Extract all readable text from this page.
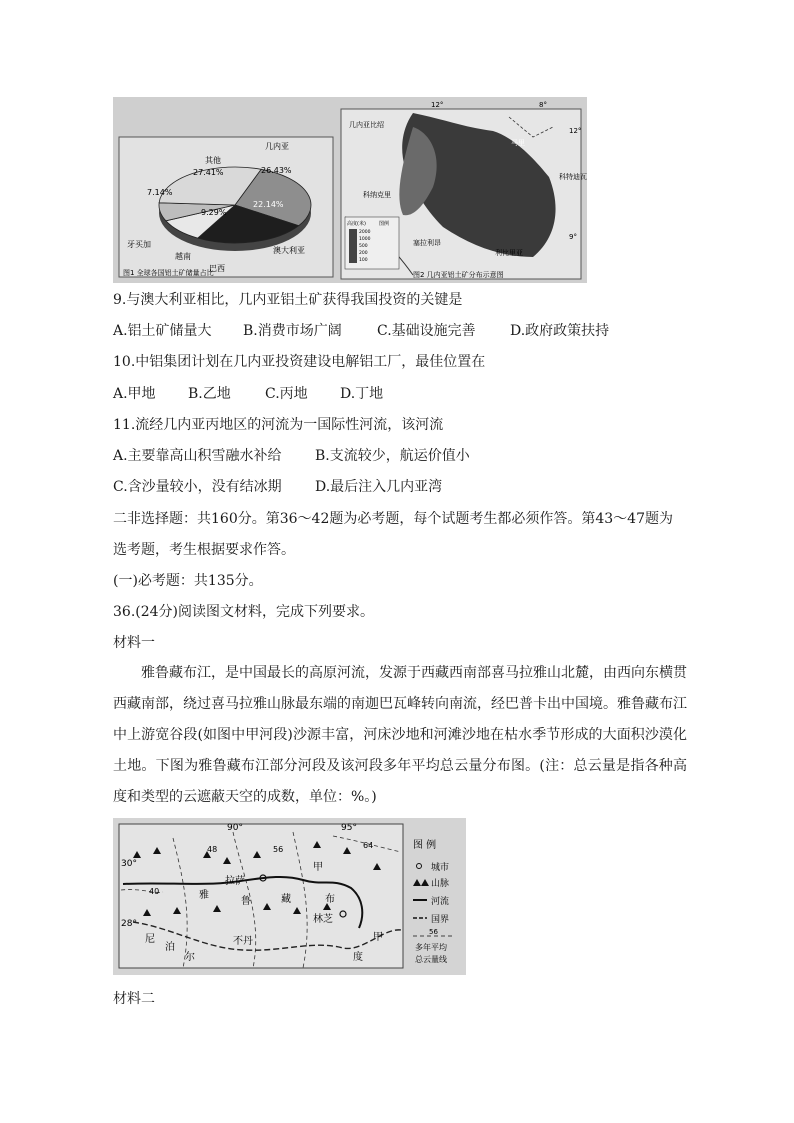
其他
27.41%
几内亚
26.43%
22.14%
澳大利亚
9.29%
7.14%
牙买加
越南
巴西
图1 全球各国铝土矿储量占比
12°	8°
12°
9°
几内亚比绍
马里
科纳克里
塞拉利昂
利比里亚
科特迪瓦
高度(米)	图例
2000
1000
500
200
100
图2 几内亚铝土矿分布示意图
9.与澳大利亚相比，几内亚铝土矿获得我国投资的关键是
A.铝土矿储量大 B.消费市场广阔	C.基础设施完善 D.政府政策扶持
10.中铝集团计划在几内亚投资建设电解铝工厂，最佳位置在
A.甲地 B.乙地 C.丙地 D.丁地
11.流经几内亚丙地区的河流为一国际性河流，该河流
A.主要靠高山积雪融水补给 B.支流较少，航运价值小
C.含沙量较小，没有结冰期 D.最后注入几内亚湾
二非选择题：共160分。第36～42题为必考题，每个试题考生都必须作答。第43～47题为
选考题，考生根据要求作答。
(一)必考题：共135分。
36.(24分)阅读图文材料，完成下列要求。
材料一
雅鲁藏布江，是中国最长的高原河流，发源于西藏西南部喜马拉雅山北麓，由西向东横贯西藏南部，绕过喜马拉雅山脉最东端的南迦巴瓦峰转向南流，经巴普卡出中国境。雅鲁藏布江中上游宽谷段(如图中甲河段)沙源丰富，河床沙地和河滩沙地在枯水季节形成的大面积沙漠化土地。下图为雅鲁藏布江部分河段及该河段多年平均总云量分布图。(注：总云量是指各种高度和类型的云遮蔽天空的成数，单位：%。)
90°	95°
30°
28°
48	56	64
40
拉萨
林芝
甲
雅
鲁	藏	布
尼
泊
尔
不丹	甲
度
图 例
城市
山脉
河流
国界
56
多年平均
总云量线
材料二
